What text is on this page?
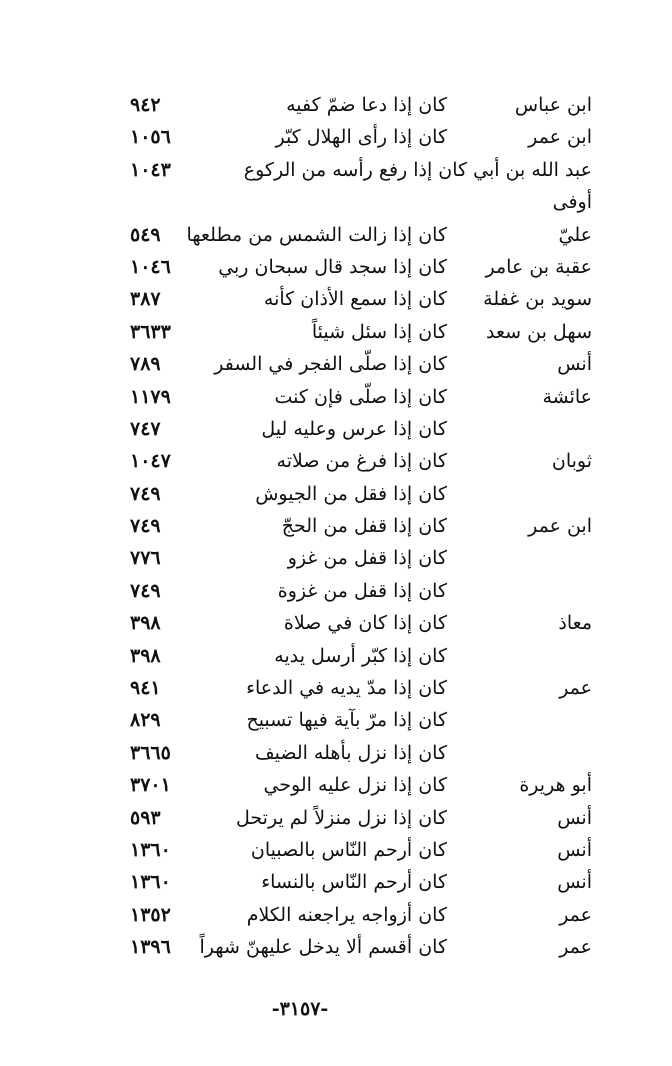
ابن عباس
كان إذا دعا ضمّ كفيه
٩٤٢
ابن عمر
كان إذا رأى الهلال كبّر
١٠٥٦
عبد الله بن أبي كان إذا رفع رأسه من الركوع
أوفى
١٠٤٣
عليّ
كان إذا زالت الشمس من مطلعها
٥٤٩
عقبة بن عامر
كان إذا سجد قال سبحان ربي
١٠٤٦
سويد بن غفلة
كان إذا سمع الأذان كأنه
٣٨٧
سهل بن سعد
كان إذا سئل شيئاً
٣٦٣٣
أنس
كان إذا صلّى الفجر في السفر
٧٨٩
عائشة
كان إذا صلّى فإن كنت
١١٧٩
كان إذا عرس وعليه ليل
٧٤٧
ثوبان
كان إذا فرغ من صلاته
١٠٤٧
كان إذا فقل من الجيوش
٧٤٩
ابن عمر
كان إذا قفل من الحجّ
٧٤٩
كان إذا قفل من غزو
٧٧٦
كان إذا قفل من غزوة
٧٤٩
معاذ
كان إذا كان في صلاة
٣٩٨
كان إذا كبّر أرسل يديه
٣٩٨
عمر
كان إذا مدّ يديه في الدعاء
٩٤١
كان إذا مرّ بآية فيها تسبيح
٨٢٩
كان إذا نزل بأهله الضيف
٣٦٦٥
أبو هريرة
كان إذا نزل عليه الوحي
٣٧٠١
أنس
كان إذا نزل منزلاً لم يرتحل
٥٩٣
أنس
كان أرحم النّاس بالصبيان
١٣٦٠
أنس
كان أرحم النّاس بالنساء
١٣٦٠
عمر
كان أزواجه يراجعنه الكلام
١٣٥٢
عمر
كان أقسم ألا يدخل عليهنّ شهراً
١٣٩٦
-٣١٥٧-
